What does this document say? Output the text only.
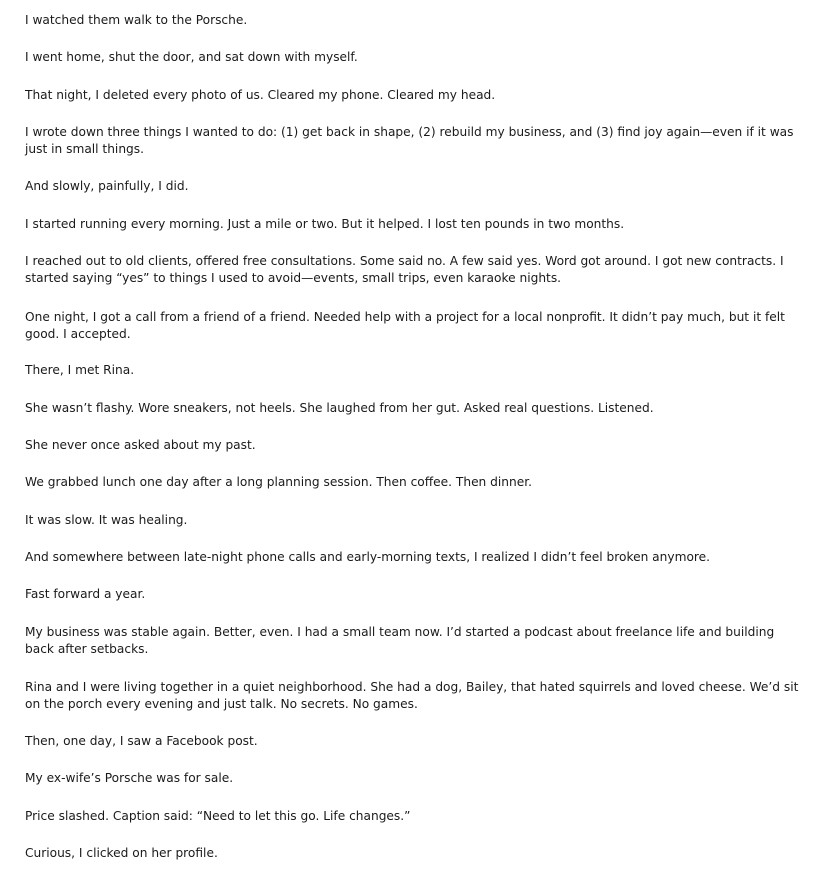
I watched them walk to the Porsche.

I went home, shut the door, and sat down with myself.

That night, I deleted every photo of us. Cleared my phone. Cleared my head.

I wrote down three things I wanted to do: (1) get back in shape, (2) rebuild my business, and (3) find joy again—even if it was just in small things.

And slowly, painfully, I did.

I started running every morning. Just a mile or two. But it helped. I lost ten pounds in two months.

I reached out to old clients, offered free consultations. Some said no. A few said yes. Word got around. I got new contracts. I started saying “yes” to things I used to avoid—events, small trips, even karaoke nights.

One night, I got a call from a friend of a friend. Needed help with a project for a local nonprofit. It didn’t pay much, but it felt good. I accepted.

There, I met Rina.

She wasn’t flashy. Wore sneakers, not heels. She laughed from her gut. Asked real questions. Listened.

She never once asked about my past.

We grabbed lunch one day after a long planning session. Then coffee. Then dinner.

It was slow. It was healing.

And somewhere between late-night phone calls and early-morning texts, I realized I didn’t feel broken anymore.

Fast forward a year.

My business was stable again. Better, even. I had a small team now. I’d started a podcast about freelance life and building back after setbacks.

Rina and I were living together in a quiet neighborhood. She had a dog, Bailey, that hated squirrels and loved cheese. We’d sit on the porch every evening and just talk. No secrets. No games.

Then, one day, I saw a Facebook post.

My ex-wife’s Porsche was for sale.

Price slashed. Caption said: “Need to let this go. Life changes.”

Curious, I clicked on her profile.
